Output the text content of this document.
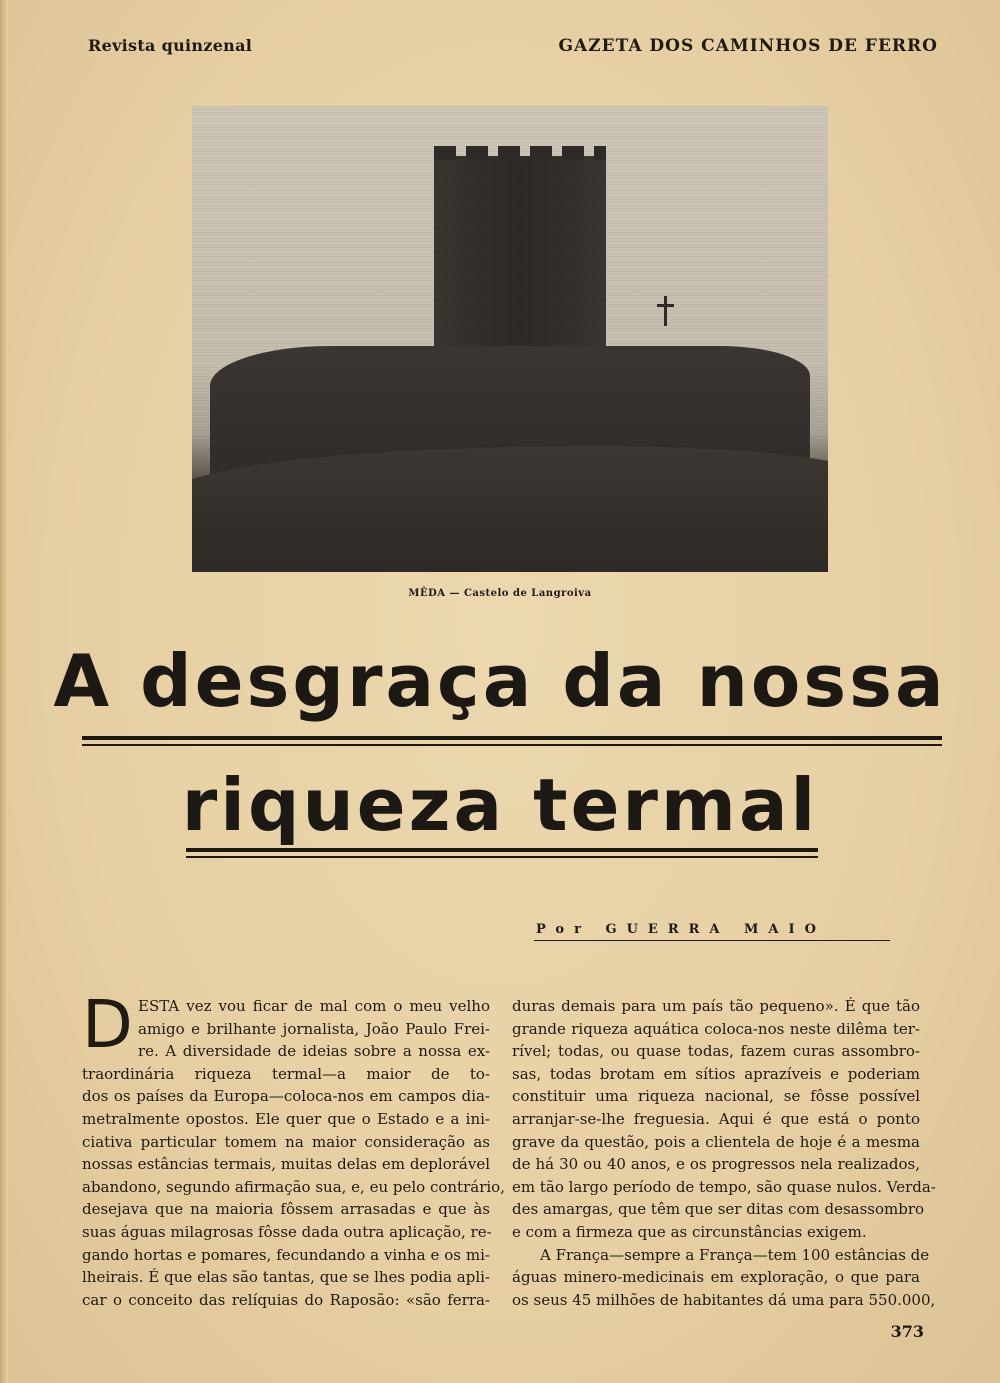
Revista quinzenal	GAZETA DOS CAMINHOS DE FERRO
MÊDA — Castelo de Langroiva
A desgraça da nossa
riqueza termal
Por GUERRA MAIO
D ESTA vez vou ficar de mal com o meu velho
amigo e brilhante jornalista, João Paulo Frei-
re. A diversidade de ideias sobre a nossa ex-
traordinária riqueza termal—a maior de to-
dos os países da Europa—coloca-nos em campos dia-
metralmente opostos. Ele quer que o Estado e a ini-
ciativa particular tomem na maior consideração as
nossas estâncias termais, muitas delas em deplorável
abandono, segundo afirmação sua, e, eu pelo contrário,
desejava que na maioria fôssem arrasadas e que às
suas águas milagrosas fôsse dada outra aplicação, re-
gando hortas e pomares, fecundando a vinha e os mi-
lheirais. É que elas são tantas, que se lhes podia apli-
car o conceito das relíquias do Raposão: «são ferra-
duras demais para um país tão pequeno». É que tão
grande riqueza aquática coloca-nos neste dilêma ter-
rível; todas, ou quase todas, fazem curas assombro-
sas, todas brotam em sítios aprazíveis e poderiam
constituir uma riqueza nacional, se fôsse possível
arranjar-se-lhe freguesia. Aqui é que está o ponto
grave da questão, pois a clientela de hoje é a mesma
de há 30 ou 40 anos, e os progressos nela realizados,
em tão largo período de tempo, são quase nulos. Verda-
des amargas, que têm que ser ditas com desassombro
e com a firmeza que as circunstâncias exigem.
A França—sempre a França—tem 100 estâncias de
águas minero-medicinais em exploração, o que para
os seus 45 milhões de habitantes dá uma para 550.000,
373
